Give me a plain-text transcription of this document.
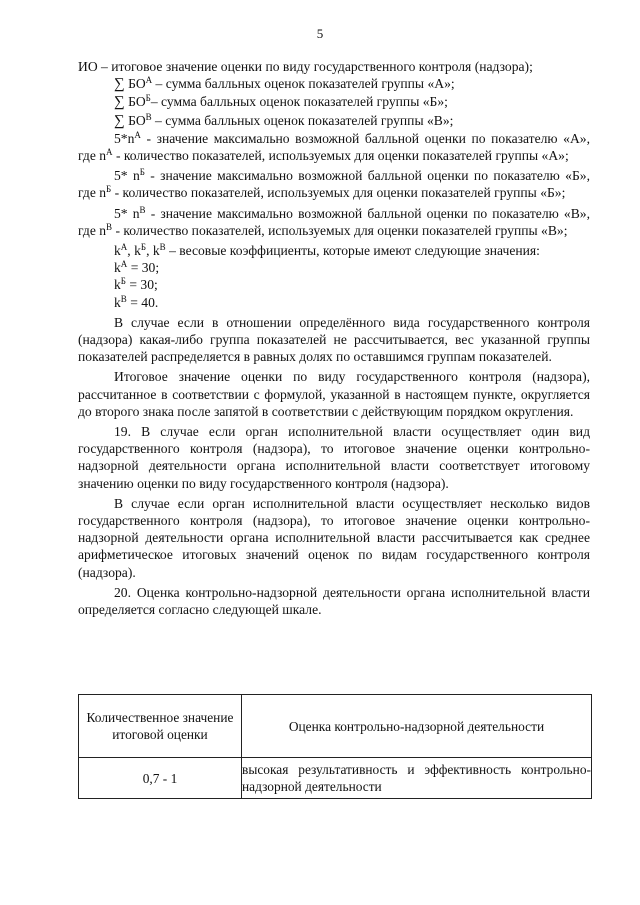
5

ИО – итоговое значение оценки по виду государственного контроля (надзора);

∑ $БО^А$ – сумма балльных оценок показателей группы «А»;

∑ $БО^Б-$ сумма балльных оценок показателей группы «Б»;

∑ $БО^В$ – сумма балльных оценок показателей группы «В»;

$5*n^А$ - значение максимально возможной балльной оценки по показателю «А», где $n^А$ - количество показателей, используемых для оценки показателей группы «А»;

5* $n^Б$ - значение максимально возможной балльной оценки по показателю «Б», где $n^Б$ - количество показателей, используемых для оценки показателей группы «Б»;

5* $n^В$ - значение максимально возможной балльной оценки по показателю «В», где $n^В$ - количество показателей, используемых для оценки показателей группы «В»;

$k^А$, $k^Б$, $k^В$ – весовые коэффициенты, которые имеют следующие значения:

$k^А = 30$;

$k^Б = 30$;

$k^В = 40$.

В случае если в отношении определённого вида государственного контроля (надзора) какая-либо группа показателей не рассчитывается, вес указанной группы показателей распределяется в равных долях по оставшимся группам показателей.

Итоговое значение оценки по виду государственного контроля (надзора), рассчитанное в соответствии с формулой, указанной в настоящем пункте, округляется до второго знака после запятой в соответствии с действующим порядком округления.

19. В случае если орган исполнительной власти осуществляет один вид государственного контроля (надзора), то итоговое значение оценки контрольно-надзорной деятельности органа исполнительной власти соответствует итоговому значению оценки по виду государственного контроля (надзора).

В случае если орган исполнительной власти осуществляет несколько видов государственного контроля (надзора), то итоговое значение оценки контрольно-надзорной деятельности органа исполнительной власти рассчитывается как среднее арифметическое итоговых значений оценок по видам государственного контроля (надзора).

20. Оценка контрольно-надзорной деятельности органа исполнительной власти определяется согласно следующей шкале.

Количественное значение итоговой оценки	Оценка контрольно-надзорной деятельности
0,7 - 1	высокая результативность и эффективность контрольно-надзорной деятельности
